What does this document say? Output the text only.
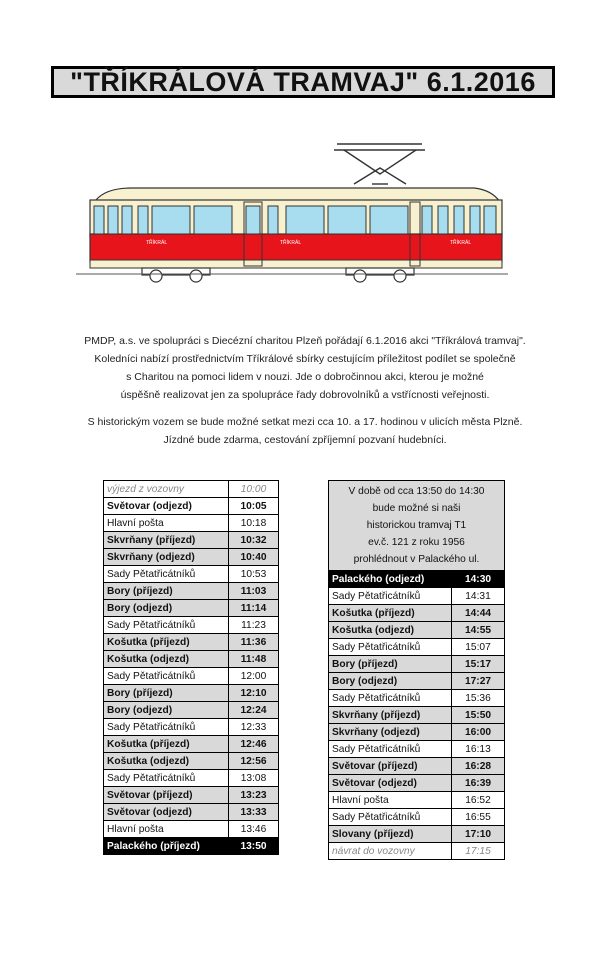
"TŘÍKRÁLOVÁ TRAMVAJ" 6.1.2016
TŘÍKRÁL	TŘÍKRÁL	TŘÍKRÁL
PMDP, a.s. ve spolupráci s Diecézní charitou Plzeň pořádají 6.1.2016 akci "Tříkrálová tramvaj".
Koledníci nabízí prostřednictvím Tříkrálové sbírky cestujícím příležitost podílet se společně
s Charitou na pomoci lidem v nouzi. Jde o dobročinnou akci, kterou je možné
úspěšně realizovat jen za spolupráce řady dobrovolníků a vstřícnosti veřejnosti.
S historickým vozem se bude možné setkat mezi cca 10. a 17. hodinou v ulicích města Plzně.
Jízdné bude zdarma, cestování zpříjemní pozvaní hudebníci.
výjezd z vozovny	10:00
Světovar (odjezd)	10:05
Hlavní pošta	10:18
Skvrňany (příjezd)	10:32
Skvrňany (odjezd)	10:40
Sady Pětatřicátníků	10:53
Bory (příjezd)	11:03
Bory (odjezd)	11:14
Sady Pětatřicátníků	11:23
Košutka (příjezd)	11:36
Košutka (odjezd)	11:48
Sady Pětatřicátníků	12:00
Bory (příjezd)	12:10
Bory (odjezd)	12:24
Sady Pětatřicátníků	12:33
Košutka (příjezd)	12:46
Košutka (odjezd)	12:56
Sady Pětatřicátníků	13:08
Světovar (příjezd)	13:23
Světovar (odjezd)	13:33
Hlavní pošta	13:46
Palackého (příjezd)	13:50
V době od cca 13:50 do 14:30
bude možné si naši
historickou tramvaj T1
ev.č. 121 z roku 1956
prohlédnout v Palackého ul.	

Palackého (odjezd)	14:30
Sady Pětatřicátníků	14:31
Košutka (příjezd)	14:44
Košutka (odjezd)	14:55
Sady Pětatřicátníků	15:07
Bory (příjezd)	15:17
Bory (odjezd)	17:27
Sady Pětatřicátníků	15:36
Skvrňany (příjezd)	15:50
Skvrňany (odjezd)	16:00
Sady Pětatřicátníků	16:13
Světovar (příjezd)	16:28
Světovar (odjezd)	16:39
Hlavní pošta	16:52
Sady Pětatřicátníků	16:55
Slovany (příjezd)	17:10
návrat do vozovny	17:15
